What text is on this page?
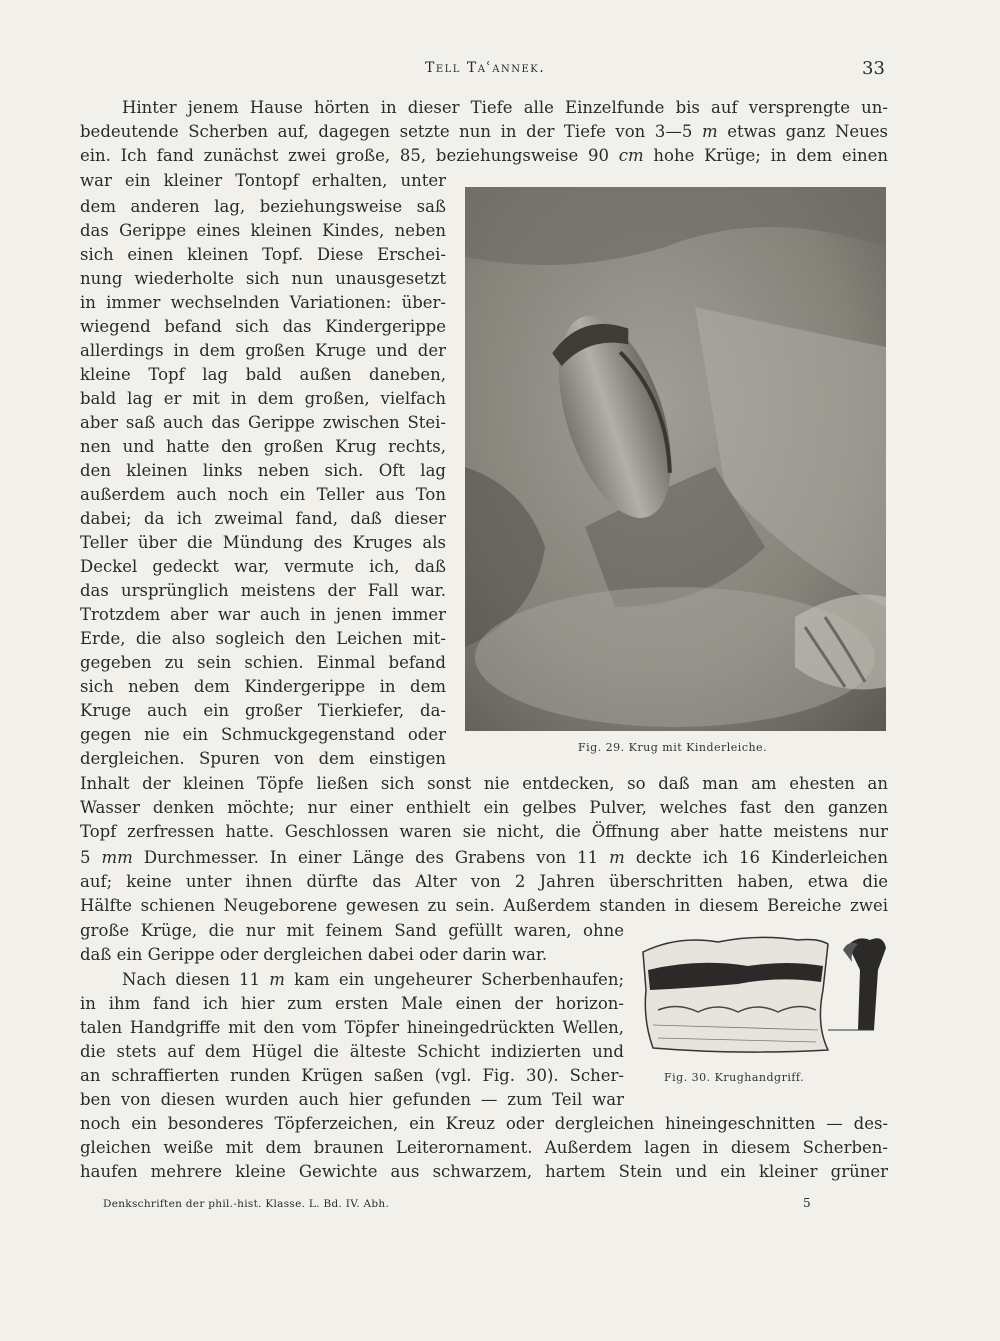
Tell Taʿannek.	33

Hinter jenem Hause hörten in dieser Tiefe alle Einzelfunde bis auf versprengte un-

bedeutende Scherben auf, dagegen setzte nun in der Tiefe von 3—5 m etwas ganz Neues

ein. Ich fand zunächst zwei große, 85, beziehungsweise 90 cm hohe Krüge; in dem einen

war ein kleiner Tontopf erhalten, unter

dem anderen lag, beziehungsweise saß

das Gerippe eines kleinen Kindes, neben

sich einen kleinen Topf. Diese Erschei-

nung wiederholte sich nun unausgesetzt

in immer wechselnden Variationen: über-

wiegend befand sich das Kindergerippe

allerdings in dem großen Kruge und der

kleine Topf lag bald außen daneben,

bald lag er mit in dem großen, vielfach

aber saß auch das Gerippe zwischen Stei-

nen und hatte den großen Krug rechts,

den kleinen links neben sich. Oft lag

außerdem auch noch ein Teller aus Ton

dabei; da ich zweimal fand, daß dieser

Teller über die Mündung des Kruges als

Deckel gedeckt war, vermute ich, daß

das ursprünglich meistens der Fall war.

Trotzdem aber war auch in jenen immer

Erde, die also sogleich den Leichen mit-

gegeben zu sein schien. Einmal befand

sich neben dem Kindergerippe in dem

Kruge auch ein großer Tierkiefer, da-

gegen nie ein Schmuckgegenstand oder

dergleichen. Spuren von dem einstigen

Inhalt der kleinen Töpfe ließen sich sonst nie entdecken, so daß man am ehesten an

Wasser denken möchte; nur einer enthielt ein gelbes Pulver, welches fast den ganzen

Topf zerfressen hatte. Geschlossen waren sie nicht, die Öffnung aber hatte meistens nur

5 mm Durchmesser. In einer Länge des Grabens von 11 m deckte ich 16 Kinderleichen

auf; keine unter ihnen dürfte das Alter von 2 Jahren überschritten haben, etwa die

Hälfte schienen Neugeborene gewesen zu sein. Außerdem standen in diesem Bereiche zwei

große Krüge, die nur mit feinem Sand gefüllt waren, ohne

daß ein Gerippe oder dergleichen dabei oder darin war.

Nach diesen 11 m kam ein ungeheurer Scherbenhaufen;

in ihm fand ich hier zum ersten Male einen der horizon-

talen Handgriffe mit den vom Töpfer hineingedrückten Wellen,

die stets auf dem Hügel die älteste Schicht indizierten und

an schraffierten runden Krügen saßen (vgl. Fig. 30). Scher-

ben von diesen wurden auch hier gefunden — zum Teil war

noch ein besonderes Töpferzeichen, ein Kreuz oder dergleichen hineingeschnitten — des-

gleichen weiße mit dem braunen Leiterornament. Außerdem lagen in diesem Scherben-

haufen mehrere kleine Gewichte aus schwarzem, hartem Stein und ein kleiner grüner

Fig. 29. Krug mit Kinderleiche.
Fig. 30. Krughandgriff.
Denkschriften der phil.-hist. Klasse. L. Bd. IV. Abh.	5
